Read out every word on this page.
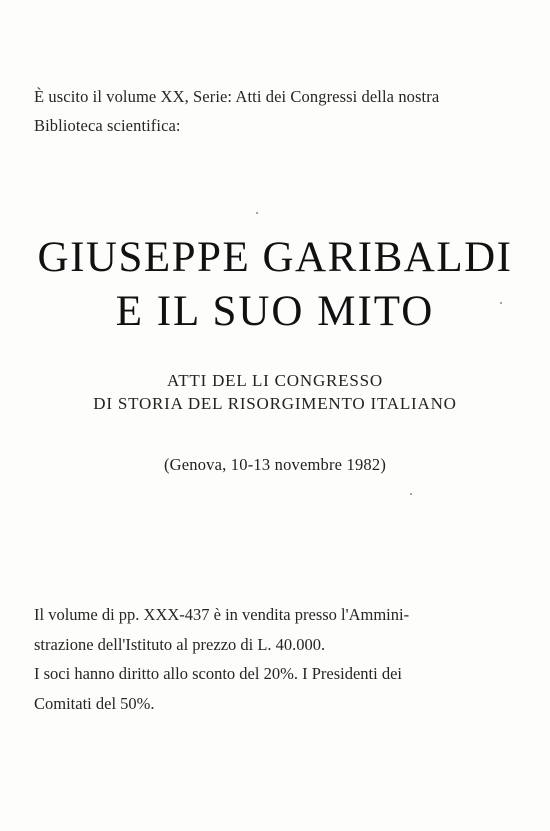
È uscito il volume XX, Serie: Atti dei Congressi della nostra
Biblioteca scientifica:
GIUSEPPE GARIBALDI
E IL SUO MITO
ATTI DEL LI CONGRESSO
DI STORIA DEL RISORGIMENTO ITALIANO
(Genova, 10-13 novembre 1982)
Il volume di pp. XXX-437 è in vendita presso l'Ammini-
strazione dell'Istituto al prezzo di L. 40.000.
I soci hanno diritto allo sconto del 20%. I Presidenti dei
Comitati del 50%.
